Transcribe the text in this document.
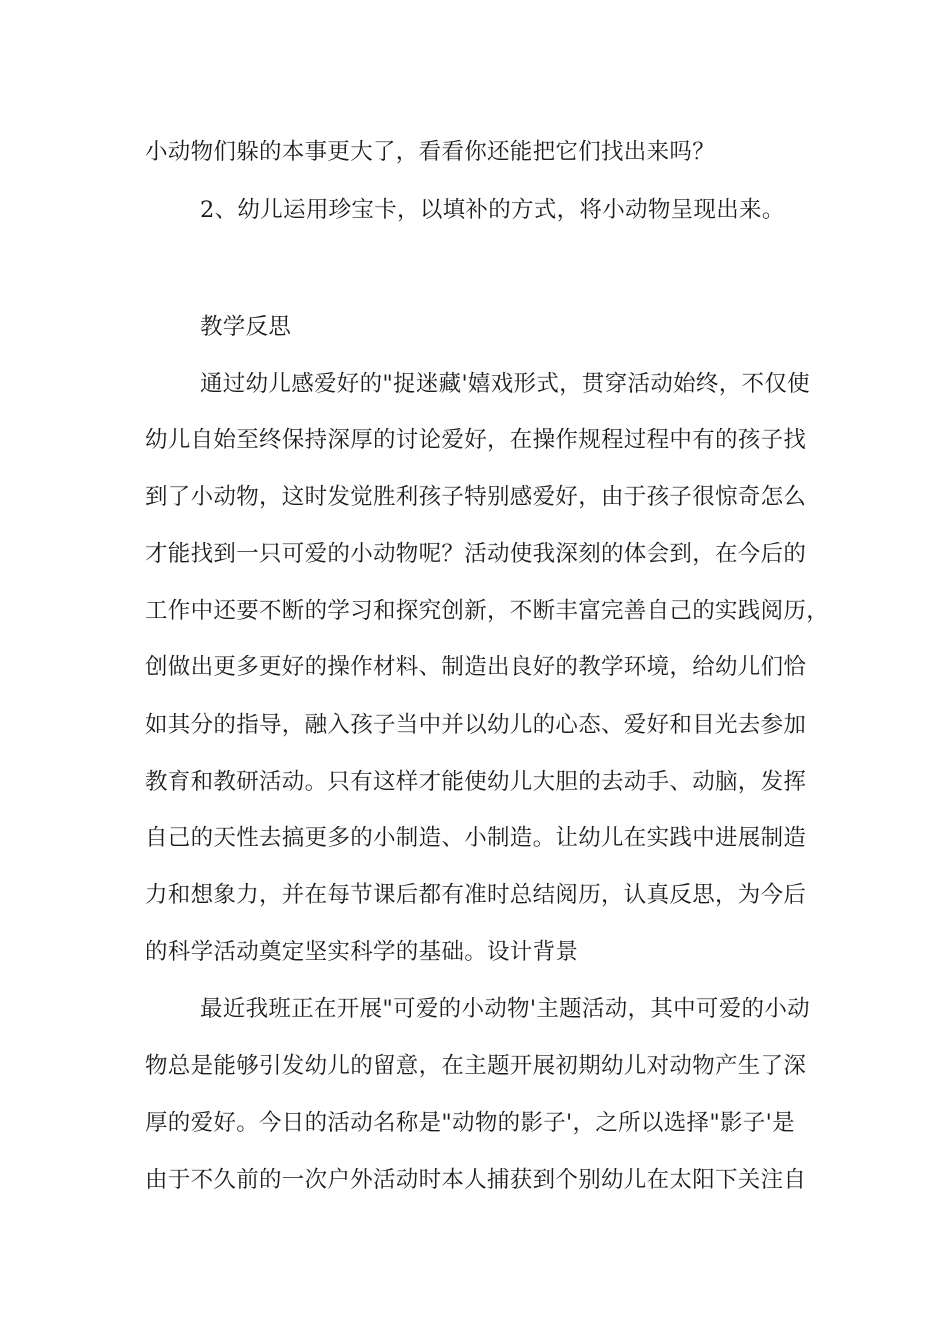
小动物们躲的本事更大了，看看你还能把它们找出来吗？
2、幼儿运用珍宝卡，以填补的方式，将小动物呈现出来。
教学反思
通过幼儿感爱好的"捉迷藏'嬉戏形式，贯穿活动始终，不仅使
幼儿自始至终保持深厚的讨论爱好，在操作规程过程中有的孩子找
到了小动物，这时发觉胜利孩子特别感爱好，由于孩子很惊奇怎么
才能找到一只可爱的小动物呢？活动使我深刻的体会到，在今后的
工作中还要不断的学习和探究创新，不断丰富完善自己的实践阅历，
创做出更多更好的操作材料、制造出良好的教学环境，给幼儿们恰
如其分的指导，融入孩子当中并以幼儿的心态、爱好和目光去参加
教育和教研活动。只有这样才能使幼儿大胆的去动手、动脑，发挥
自己的天性去搞更多的小制造、小制造。让幼儿在实践中进展制造
力和想象力，并在每节课后都有准时总结阅历，认真反思，为今后
的科学活动奠定坚实科学的基础。设计背景
最近我班正在开展"可爱的小动物'主题活动，其中可爱的小动
物总是能够引发幼儿的留意，在主题开展初期幼儿对动物产生了深
厚的爱好。今日的活动名称是"动物的影子'，之所以选择"影子'是
由于不久前的一次户外活动时本人捕获到个别幼儿在太阳下关注自
